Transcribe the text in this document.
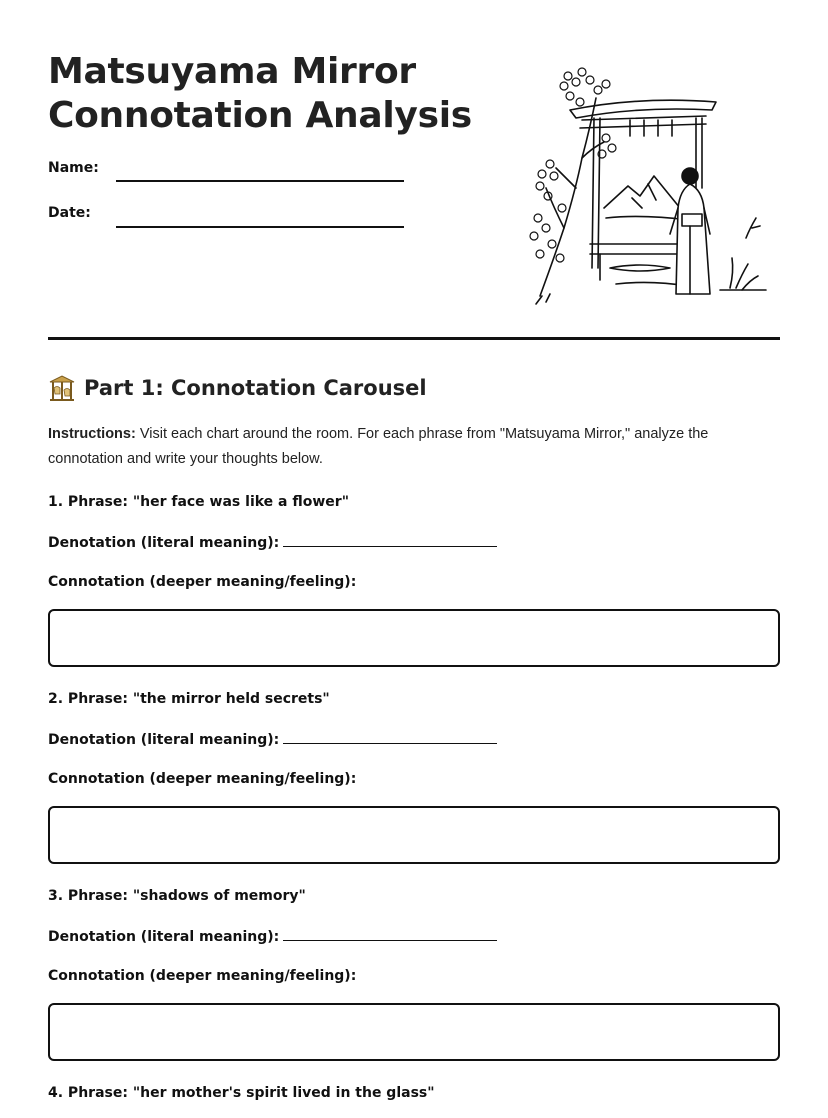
Matsuyama Mirror
Connotation Analysis
Name:
Date:
Part 1: Connotation Carousel
Instructions: Visit each chart around the room. For each phrase from "Matsuyama Mirror," analyze the connotation and write your thoughts below.
1. Phrase: "her face was like a flower"
Denotation (literal meaning):
Connotation (deeper meaning/feeling):
2. Phrase: "the mirror held secrets"
Denotation (literal meaning):
Connotation (deeper meaning/feeling):
3. Phrase: "shadows of memory"
Denotation (literal meaning):
Connotation (deeper meaning/feeling):
4. Phrase: "her mother's spirit lived in the glass"
